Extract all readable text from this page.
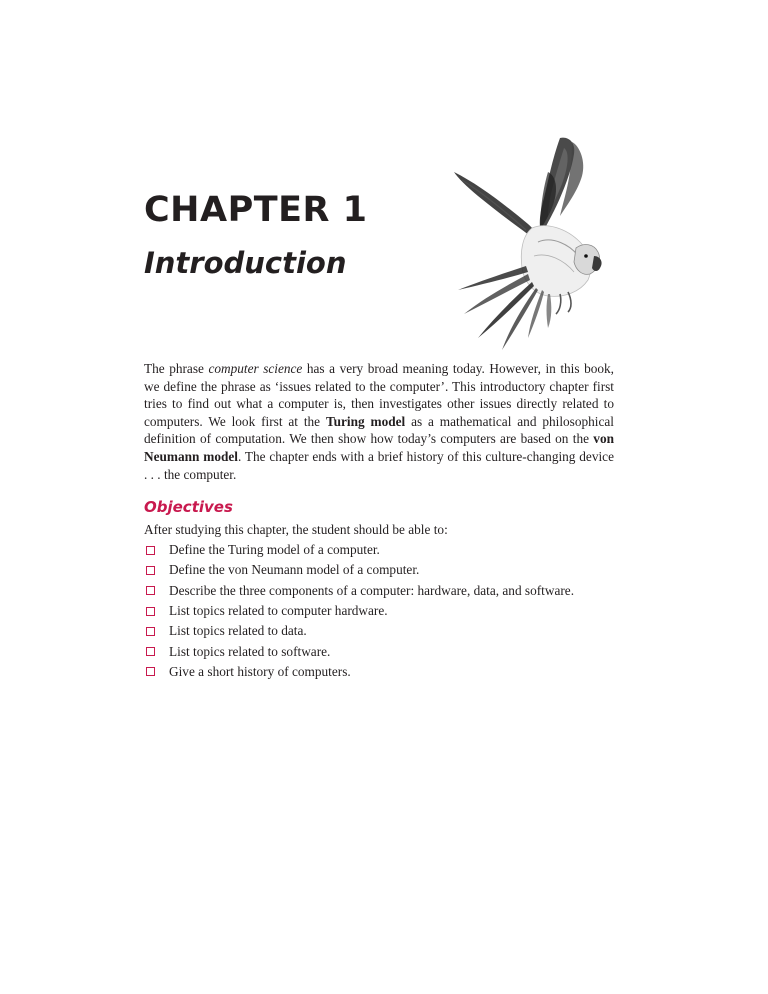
CHAPTER 1
Introduction

The phrase computer science has a very broad meaning today. However, in this book, we define the phrase as ‘issues related to the computer’. This introductory chapter first tries to find out what a computer is, then investigates other issues directly related to computers. We look first at the Turing model as a mathematical and philosophical definition of computation. We then show how today’s computers are based on the von Neumann model. The chapter ends with a brief history of this culture-changing device . . . the computer.

Objectives

After studying this chapter, the student should be able to:

Define the Turing model of a computer.
Define the von Neumann model of a computer.
Describe the three components of a computer: hardware, data, and software.
List topics related to computer hardware.
List topics related to data.
List topics related to software.
Give a short history of computers.
